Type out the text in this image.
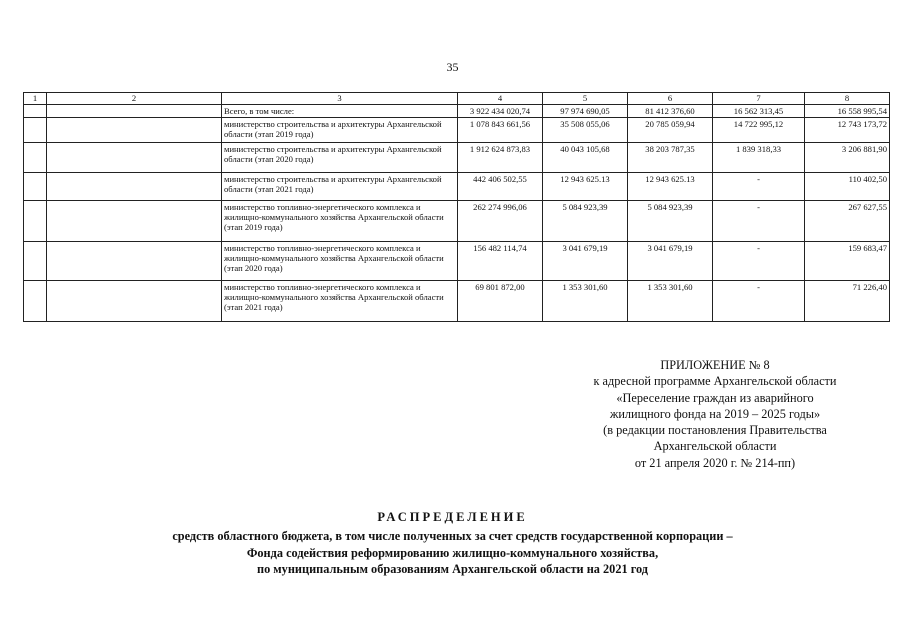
35
1	2	3	4	5	6	7	8
		Всего, в том числе:	3 922 434 020,74	97 974 690,05	81 412 376,60	16 562 313,45	16 558 995,54
		министерство строительства и архитектуры Архангельской области (этап 2019 года)	1 078 843 661,56	35 508 055,06	20 785 059,94	14 722 995,12	12 743 173,72
		министерство строительства и архитектуры Архангельской области (этап 2020 года)	1 912 624 873,83	40 043 105,68	38 203 787,35	1 839 318,33	3 206 881,90
		министерство строительства и архитектуры Архангельской области (этап 2021 года)	442 406 502,55	12 943 625.13	12 943 625.13	-	110 402,50
		министерство топливно-энергетического комплекса и жилищно-коммунального хозяйства Архангельской области (этап 2019 года)	262 274 996,06	5 084 923,39	5 084 923,39	-	267 627,55
		министерство топливно-энергетического комплекса и жилищно-коммунального хозяйства Архангельской области (этап 2020 года)	156 482 114,74	3 041 679,19	3 041 679,19	-	159 683,47
		министерство топливно-энергетического комплекса и жилищно-коммунального хозяйства Архангельской области (этап 2021 года)	69 801 872,00	1 353 301,60	1 353 301,60	-	71 226,40
ПРИЛОЖЕНИЕ № 8
к адресной программе Архангельской области
«Переселение граждан из аварийного
жилищного фонда на 2019 – 2025 годы»
(в редакции постановления Правительства
Архангельской области
от 21 апреля 2020 г. № 214-пп)
РАСПРЕДЕЛЕНИЕ
средств областного бюджета, в том числе полученных за счет средств государственной корпорации –
Фонда содействия реформированию жилищно-коммунального хозяйства,
по муниципальным образованиям Архангельской области на 2021 год
